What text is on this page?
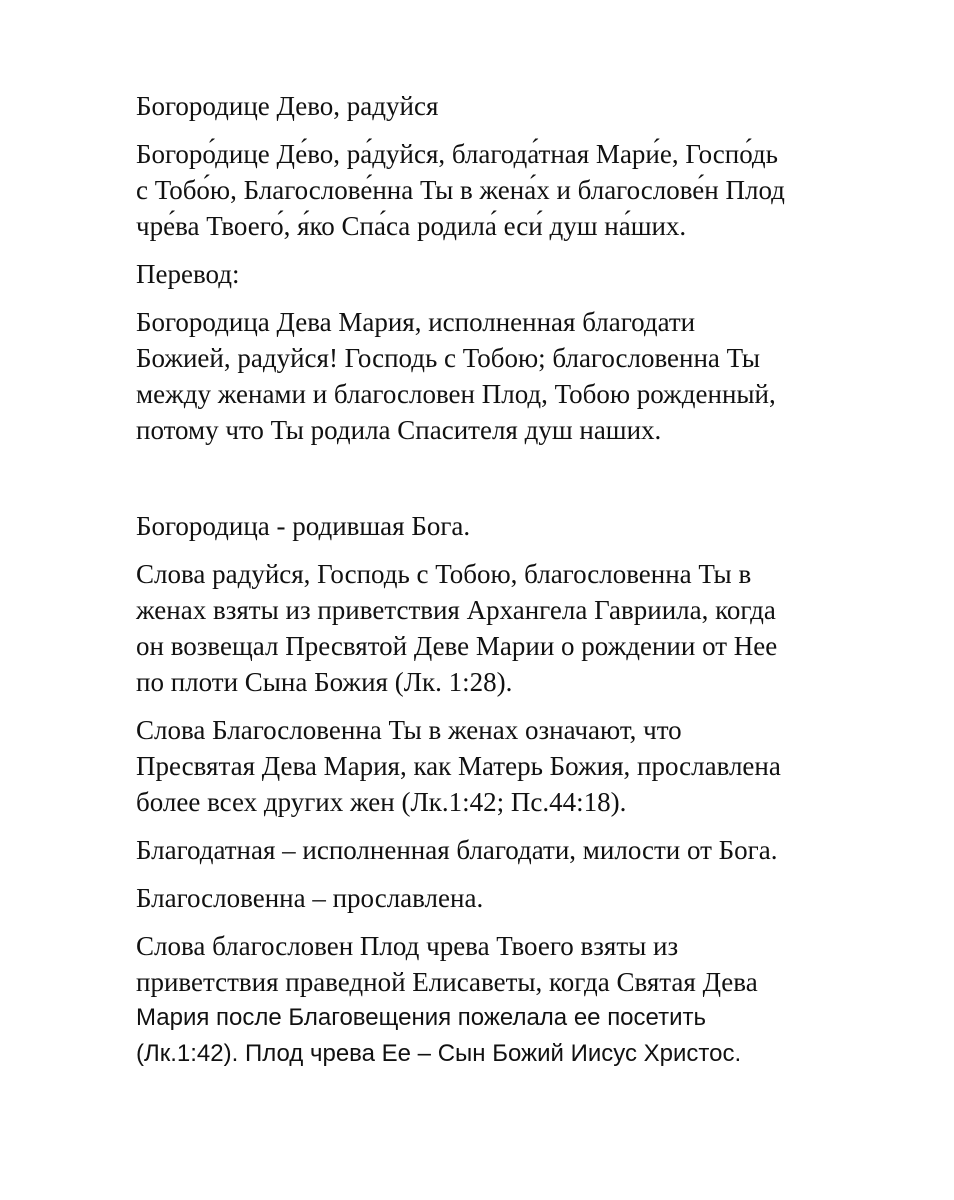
Богородице Дево, радуйся

Богоро́дице Де́во, ра́дуйся, благода́тная Мари́е, Госпо́дь
с Тобо́ю, Благослове́нна Ты в жена́х и благослове́н Плод
чре́ва Твоего́, я́ко Спа́са родила́ еси́ душ на́ших.

Перевод:

Богородица Дева Мария, исполненная благодати
Божией, радуйся! Господь с Тобою; благословенна Ты
между женами и благословен Плод, Тобою рожденный,
потому что Ты родила Спасителя душ наших.

Богородица - родившая Бога.

Слова радуйся, Господь с Тобою, благословенна Ты в
женах взяты из приветствия Архангела Гавриила, когда
он возвещал Пресвятой Деве Марии о рождении от Нее
по плоти Сына Божия (Лк. 1:28).

Слова Благословенна Ты в женах означают, что
Пресвятая Дева Мария, как Матерь Божия, прославлена
более всех других жен (Лк.1:42; Пс.44:18).

Благодатная – исполненная благодати, милости от Бога.

Благословенна – прославлена.

Слова благословен Плод чрева Твоего взяты из
приветствия праведной Елисаветы, когда Святая Дева
Мария после Благовещения пожелала ее посетить
(Лк.1:42). Плод чрева Ее – Сын Божий Иисус Христос.
